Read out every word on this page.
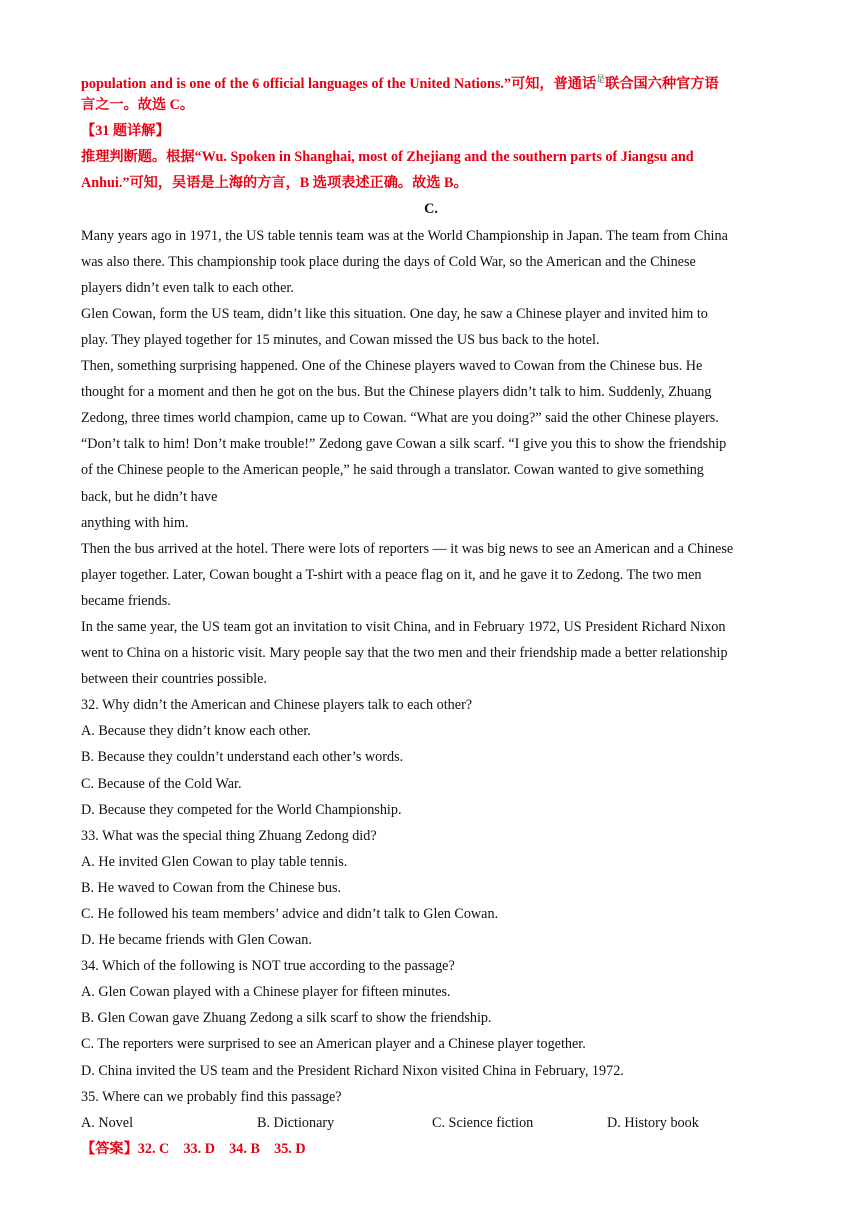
population and is one of the 6 official languages of the United Nations.”可知，普通话$^是$联合国六种官方语
言之一。故选 C。
【31 题详解】
推理判断题。根据“Wu. Spoken in Shanghai, most of Zhejiang and the southern parts of Jiangsu and
Anhui.”可知，吴语是上海的方言，B 选项表述正确。故选 B。
C.
Many years ago in 1971, the US table tennis team was at the World Championship in Japan. The team from China
was also there. This championship took place during the days of Cold War, so the American and the Chinese
players didn’t even talk to each other.
Glen Cowan, form the US team, didn’t like this situation. One day, he saw a Chinese player and invited him to
play. They played together for 15 minutes, and Cowan missed the US bus back to the hotel.
Then, something surprising happened. One of the Chinese players waved to Cowan from the Chinese bus. He
thought for a moment and then he got on the bus. But the Chinese players didn’t talk to him. Suddenly, Zhuang
Zedong, three times world champion, came up to Cowan. “What are you doing?” said the other Chinese players.
“Don’t talk to him! Don’t make trouble!” Zedong gave Cowan a silk scarf. “I give you this to show the friendship
of the Chinese people to the American people,” he said through a translator. Cowan wanted to give something
back, but he didn’t have
anything with him.
Then the bus arrived at the hotel. There were lots of reporters — it was big news to see an American and a Chinese
player together. Later, Cowan bought a T-shirt with a peace flag on it, and he gave it to Zedong. The two men
became friends.
In the same year, the US team got an invitation to visit China, and in February 1972, US President Richard Nixon
went to China on a historic visit. Mary people say that the two men and their friendship made a better relationship
between their countries possible.
32. Why didn’t the American and Chinese players talk to each other?
A. Because they didn’t know each other.
B. Because they couldn’t understand each other’s words.
C. Because of the Cold War.
D. Because they competed for the World Championship.
33. What was the special thing Zhuang Zedong did?
A. He invited Glen Cowan to play table tennis.
B. He waved to Cowan from the Chinese bus.
C. He followed his team members’ advice and didn’t talk to Glen Cowan.
D. He became friends with Glen Cowan.
34. Which of the following is NOT true according to the passage?
A. Glen Cowan played with a Chinese player for fifteen minutes.
B. Glen Cowan gave Zhuang Zedong a silk scarf to show the friendship.
C. The reporters were surprised to see an American player and a Chinese player together.
D. China invited the US team and the President Richard Nixon visited China in February, 1972.
35. Where can we probably find this passage?
A. Novel	B. Dictionary	C. Science fiction	D. History book
【答案】32. C    33. D    34. B    35. D
